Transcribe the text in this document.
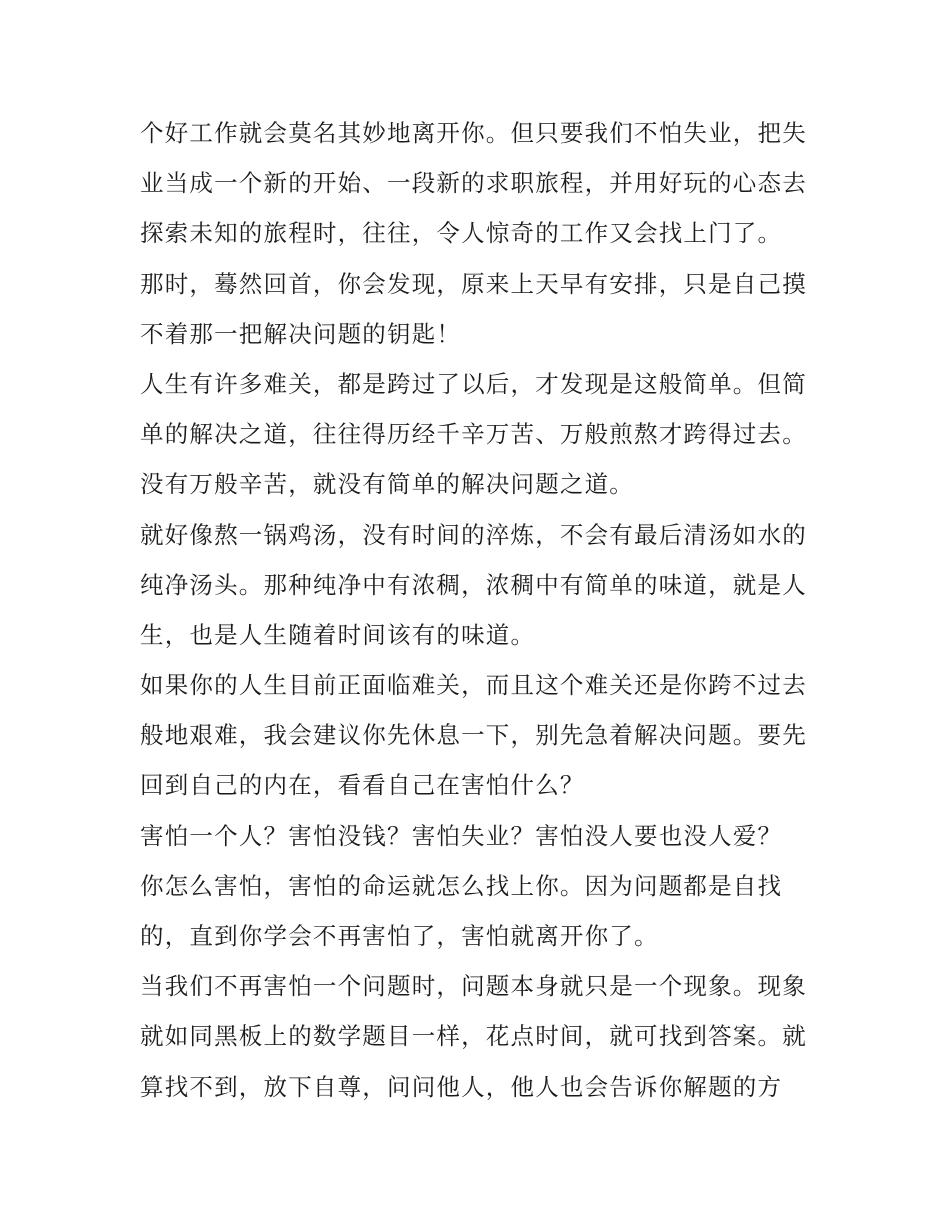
个好工作就会莫名其妙地离开你。但只要我们不怕失业，把失
业当成一个新的开始、一段新的求职旅程，并用好玩的心态去
探索未知的旅程时，往往，令人惊奇的工作又会找上门了。
那时，蓦然回首，你会发现，原来上天早有安排，只是自己摸
不着那一把解决问题的钥匙！
人生有许多难关，都是跨过了以后，才发现是这般简单。但简
单的解决之道，往往得历经千辛万苦、万般煎熬才跨得过去。
没有万般辛苦，就没有简单的解决问题之道。
就好像熬一锅鸡汤，没有时间的淬炼，不会有最后清汤如水的
纯净汤头。那种纯净中有浓稠，浓稠中有简单的味道，就是人
生，也是人生随着时间该有的味道。
如果你的人生目前正面临难关，而且这个难关还是你跨不过去
般地艰难，我会建议你先休息一下，别先急着解决问题。要先
回到自己的内在，看看自己在害怕什么？
害怕一个人？害怕没钱？害怕失业？害怕没人要也没人爱？
你怎么害怕，害怕的命运就怎么找上你。因为问题都是自找
的，直到你学会不再害怕了，害怕就离开你了。
当我们不再害怕一个问题时，问题本身就只是一个现象。现象
就如同黑板上的数学题目一样，花点时间，就可找到答案。就
算找不到，放下自尊，问问他人，他人也会告诉你解题的方
